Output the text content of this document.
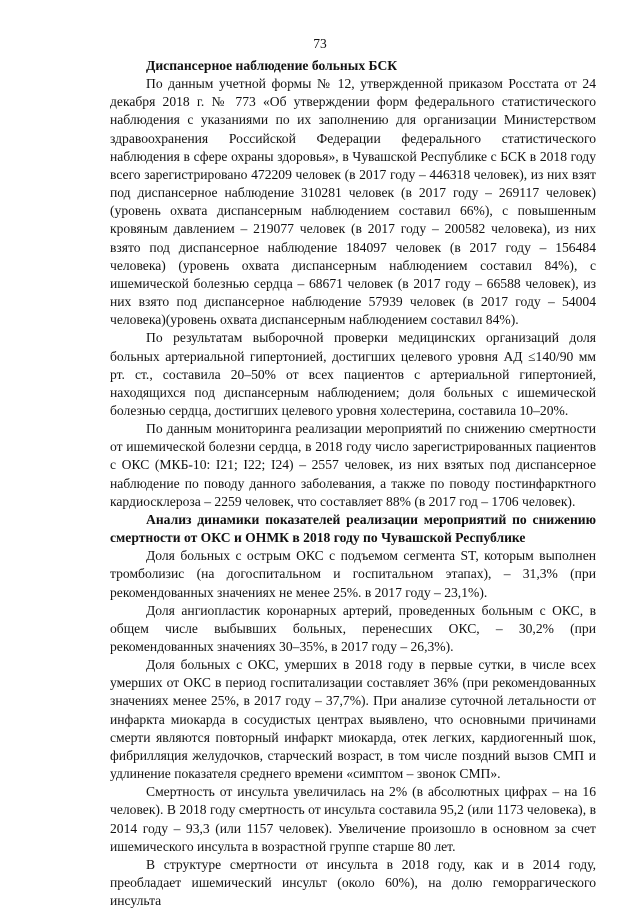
73
Диспансерное наблюдение больных БСК

По данным учетной формы № 12, утвержденной приказом Росстата от 24 декабря 2018 г. № 773 «Об утверждении форм федерального статистического наблюдения с указаниями по их заполнению для организации Министерством здравоохранения Российской Федерации федерального статистического наблюдения в сфере охраны здоровья», в Чувашской Республике с БСК в 2018 году всего зарегистрировано 472209 человек (в 2017 году – 446318 человек), из них взят под диспансерное наблюдение 310281 человек (в 2017 году – 269117 человек) (уровень охвата диспансерным наблюдением составил 66%), с повышенным кровяным давлением – 219077 человек (в 2017 году – 200582 человека), из них взято под диспансерное наблюдение 184097 человек (в 2017 году – 156484 человека) (уровень охвата диспансерным наблюдением составил 84%), с ишемической болезнью сердца – 68671 человек (в 2017 году – 66588 человек), из них взято под диспансерное наблюдение 57939 человек (в 2017 году – 54004 человека)(уровень охвата диспансерным наблюдением составил 84%).

По результатам выборочной проверки медицинских организаций доля больных артериальной гипертонией, достигших целевого уровня АД ≤140/90 мм рт. ст., составила 20–50% от всех пациентов с артериальной гипертонией, находящихся под диспансерным наблюдением; доля больных с ишемической болезнью сердца, достигших целевого уровня холестерина, составила 10–20%.

По данным мониторинга реализации мероприятий по снижению смертности от ишемической болезни сердца, в 2018 году число зарегистрированных пациентов с ОКС (МКБ-10: I21; I22; I24) – 2557 человек, из них взятых под диспансерное наблюдение по поводу данного заболевания, а также по поводу постинфарктного кардиосклероза – 2259 человек, что составляет 88% (в 2017 год – 1706 человек).

Анализ динамики показателей реализации мероприятий по снижению смертности от ОКС и ОНМК в 2018 году по Чувашской Республике

Доля больных с острым ОКС с подъемом сегмента ST, которым выполнен тромболизис (на догоспитальном и госпитальном этапах), – 31,3% (при рекомендованных значениях не менее 25%. в 2017 году – 23,1%).

Доля ангиопластик коронарных артерий, проведенных больным с ОКС, в общем числе выбывших больных, перенесших ОКС, – 30,2% (при рекомендованных значениях 30–35%, в 2017 году – 26,3%).

Доля больных с ОКС, умерших в 2018 году в первые сутки, в числе всех умерших от ОКС в период госпитализации составляет 36% (при рекомендованных значениях менее 25%, в 2017 году – 37,7%). При анализе суточной летальности от инфаркта миокарда в сосудистых центрах выявлено, что основными причинами смерти являются повторный инфаркт миокарда, отек легких, кардиогенный шок, фибрилляция желудочков, старческий возраст, в том числе поздний вызов СМП и удлинение показателя среднего времени «симптом – звонок СМП».

Смертность от инсульта увеличилась на 2% (в абсолютных цифрах – на 16 человек). В 2018 году смертность от инсульта составила 95,2 (или 1173 человека), в 2014 году – 93,3 (или 1157 человек). Увеличение произошло в основном за счет ишемического инсульта в возрастной группе старше 80 лет.

В структуре смертности от инсульта в 2018 году, как и в 2014 году, преобладает ишемический инсульт (около 60%), на долю геморрагического инсульта
